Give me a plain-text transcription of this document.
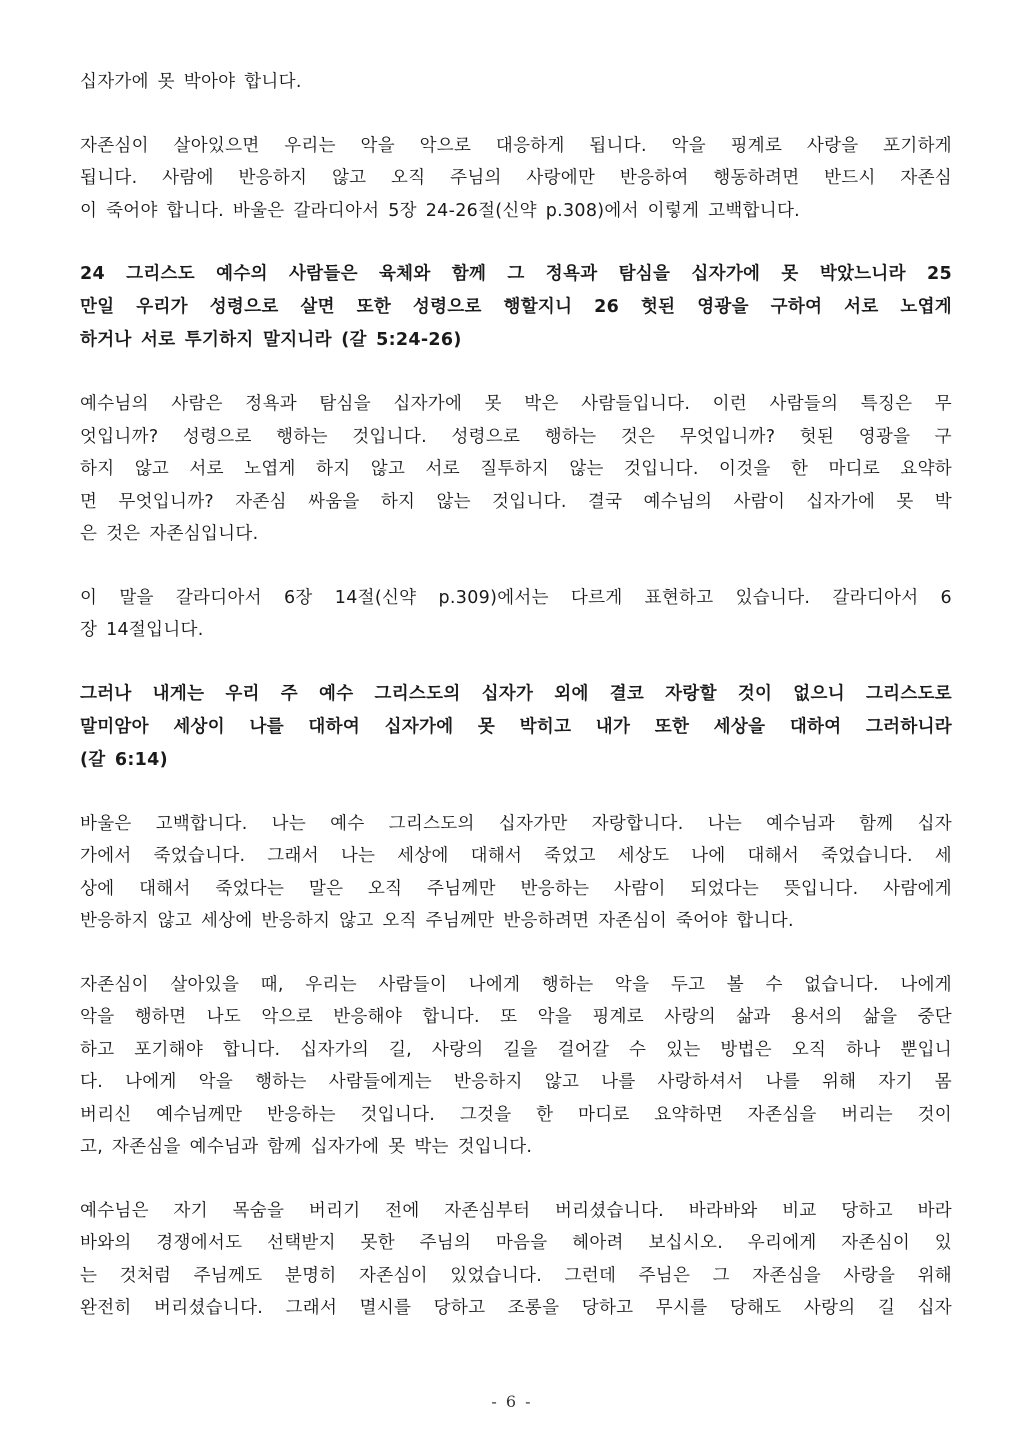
십자가에 못 박아야 합니다.

자존심이 살아있으면 우리는 악을 악으로 대응하게 됩니다. 악을 핑계로 사랑을 포기하게
됩니다. 사람에 반응하지 않고 오직 주님의 사랑에만 반응하여 행동하려면 반드시 자존심
이 죽어야 합니다. 바울은 갈라디아서 5장 24-26절(신약 p.308)에서 이렇게 고백합니다.

24 그리스도 예수의 사람들은 육체와 함께 그 정욕과 탐심을 십자가에 못 박았느니라 25
만일 우리가 성령으로 살면 또한 성령으로 행할지니 26 헛된 영광을 구하여 서로 노엽게
하거나 서로 투기하지 말지니라 (갈 5:24-26)

예수님의 사람은 정욕과 탐심을 십자가에 못 박은 사람들입니다. 이런 사람들의 특징은 무
엇입니까? 성령으로 행하는 것입니다. 성령으로 행하는 것은 무엇입니까? 헛된 영광을 구
하지 않고 서로 노엽게 하지 않고 서로 질투하지 않는 것입니다. 이것을 한 마디로 요약하
면 무엇입니까? 자존심 싸움을 하지 않는 것입니다. 결국 예수님의 사람이 십자가에 못 박
은 것은 자존심입니다.

이 말을 갈라디아서 6장 14절(신약 p.309)에서는 다르게 표현하고 있습니다. 갈라디아서 6
장 14절입니다.

그러나 내게는 우리 주 예수 그리스도의 십자가 외에 결코 자랑할 것이 없으니 그리스도로
말미암아 세상이 나를 대하여 십자가에 못 박히고 내가 또한 세상을 대하여 그러하니라
(갈 6:14)

바울은 고백합니다. 나는 예수 그리스도의 십자가만 자랑합니다. 나는 예수님과 함께 십자
가에서 죽었습니다. 그래서 나는 세상에 대해서 죽었고 세상도 나에 대해서 죽었습니다. 세
상에 대해서 죽었다는 말은 오직 주님께만 반응하는 사람이 되었다는 뜻입니다. 사람에게
반응하지 않고 세상에 반응하지 않고 오직 주님께만 반응하려면 자존심이 죽어야 합니다.

자존심이 살아있을 때, 우리는 사람들이 나에게 행하는 악을 두고 볼 수 없습니다. 나에게
악을 행하면 나도 악으로 반응해야 합니다. 또 악을 핑계로 사랑의 삶과 용서의 삶을 중단
하고 포기해야 합니다. 십자가의 길, 사랑의 길을 걸어갈 수 있는 방법은 오직 하나 뿐입니
다. 나에게 악을 행하는 사람들에게는 반응하지 않고 나를 사랑하셔서 나를 위해 자기 몸
버리신 예수님께만 반응하는 것입니다. 그것을 한 마디로 요약하면 자존심을 버리는 것이
고, 자존심을 예수님과 함께 십자가에 못 박는 것입니다.

예수님은 자기 목숨을 버리기 전에 자존심부터 버리셨습니다. 바라바와 비교 당하고 바라
바와의 경쟁에서도 선택받지 못한 주님의 마음을 헤아려 보십시오. 우리에게 자존심이 있
는 것처럼 주님께도 분명히 자존심이 있었습니다. 그런데 주님은 그 자존심을 사랑을 위해
완전히 버리셨습니다. 그래서 멸시를 당하고 조롱을 당하고 무시를 당해도 사랑의 길 십자

- 6 -
